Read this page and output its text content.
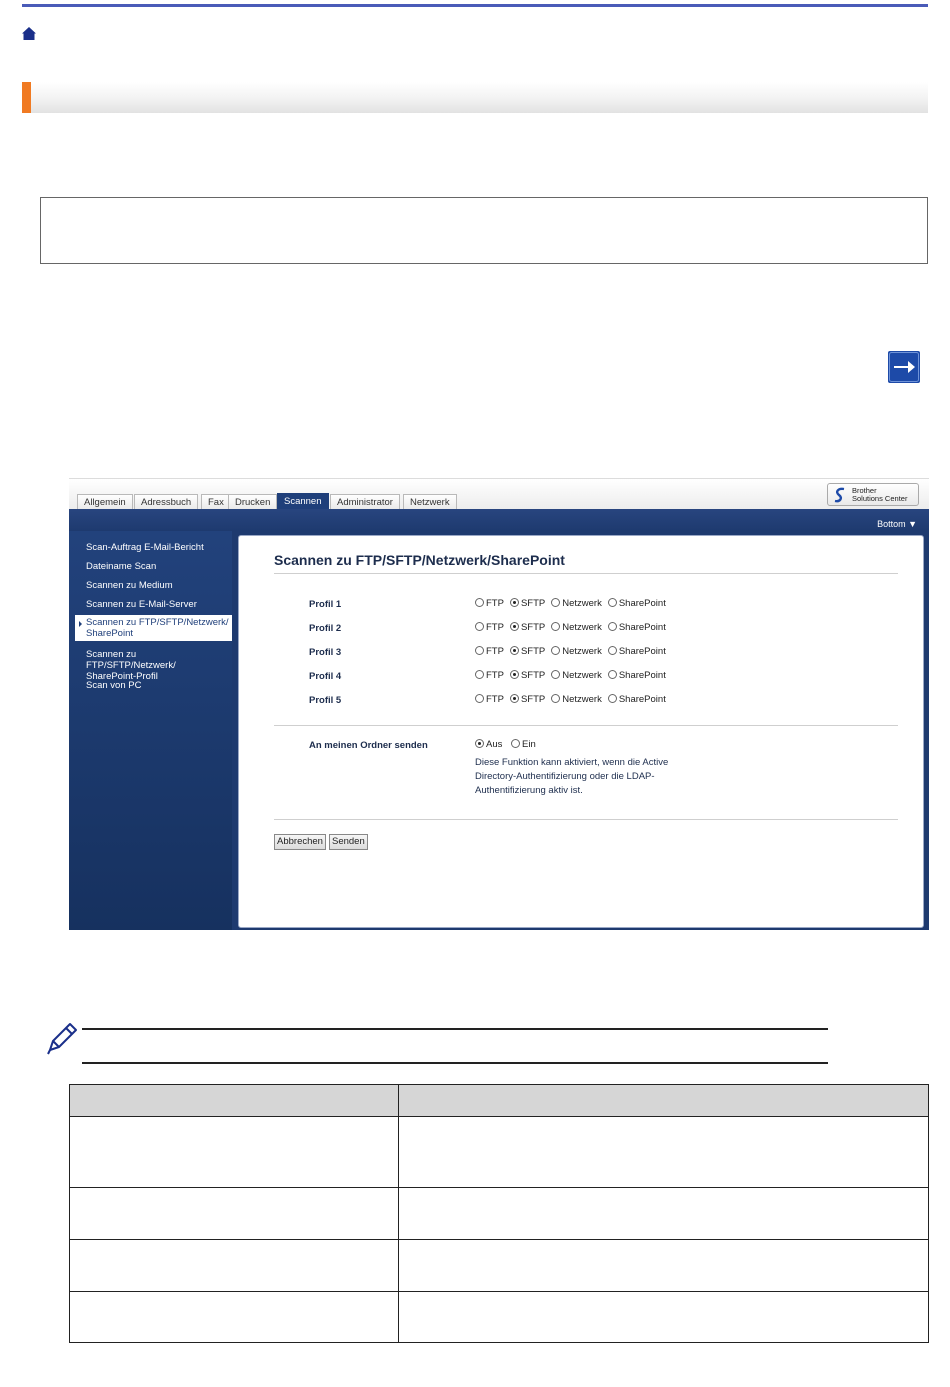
Allgemein	Adressbuch	Fax	Drucken	Scannen	Administrator	Netzwerk
Brother
Solutions Center
Bottom ▼
Scan-Auftrag E-Mail-Bericht
Dateiname Scan
Scannen zu Medium
Scannen zu E-Mail-Server
Scannen zu FTP/SFTP/Netzwerk/ SharePoint
Scannen zu FTP/SFTP/Netzwerk/ SharePoint-Profil
Scan von PC
Scannen zu FTP/SFTP/Netzwerk/SharePoint
Profil 1	FTP SFTP Netzwerk SharePoint
Profil 2	FTP SFTP Netzwerk SharePoint
Profil 3	FTP SFTP Netzwerk SharePoint
Profil 4	FTP SFTP Netzwerk SharePoint
Profil 5	FTP SFTP Netzwerk SharePoint
An meinen Ordner senden	Aus Ein
Diese Funktion kann aktiviert, wenn die Active Directory-Authentifizierung oder die LDAP-Authentifizierung aktiv ist.
Abbrechen Senden
